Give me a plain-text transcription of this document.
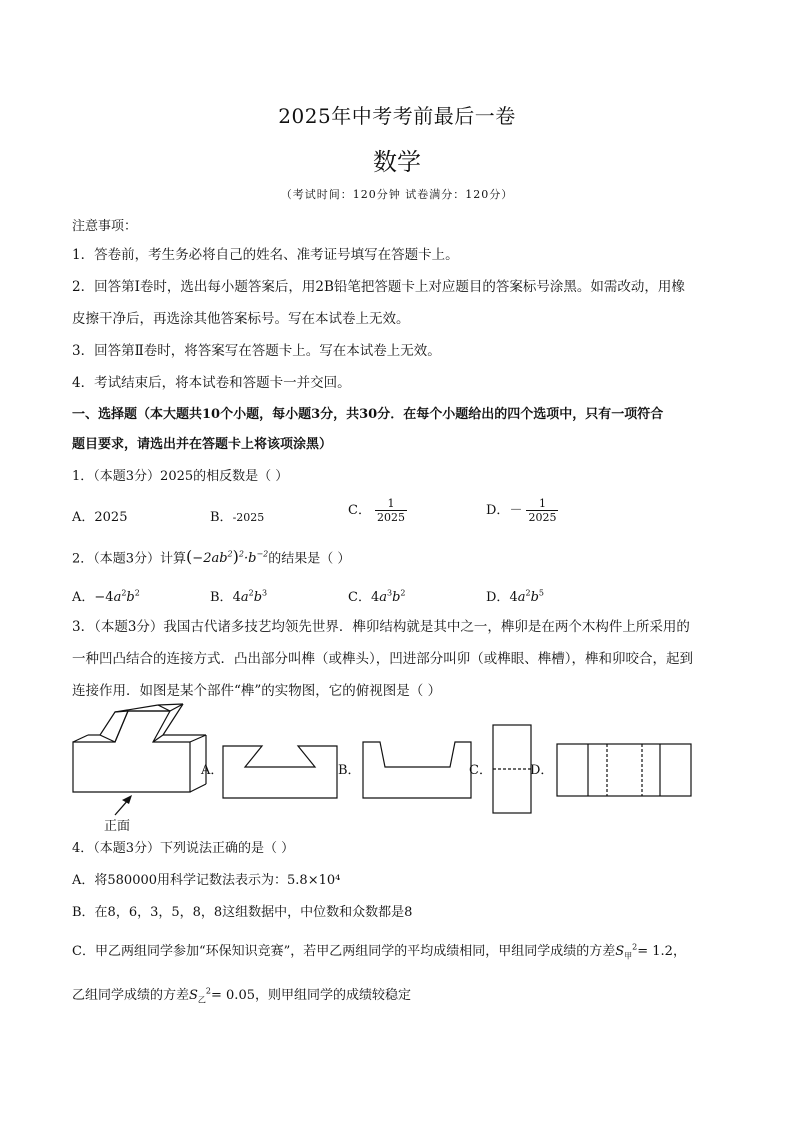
2025年中考考前最后一卷
数学
（考试时间：120分钟 试卷满分：120分）
注意事项：
1．答卷前，考生务必将自己的姓名、准考证号填写在答题卡上。
2．回答第Ⅰ卷时，选出每小题答案后，用2B铅笔把答题卡上对应题目的答案标号涂黑。如需改动，用橡
皮擦干净后，再选涂其他答案标号。写在本试卷上无效。
3．回答第Ⅱ卷时，将答案写在答题卡上。写在本试卷上无效。
4．考试结束后，将本试卷和答题卡一并交回。
一、选择题（本大题共10个小题，每小题3分，共30分．在每个小题给出的四个选项中，只有一项符合
题目要求，请选出并在答题卡上将该项涂黑）
1．（本题3分）2025的相反数是（ ）
A．2025	B．-2025	C． $\frac{1}{2025}$	D．－ $\frac{1}{2025}$
2．（本题3分）计算$(-2ab^2)^2\cdot b^{-2}$的结果是（ ）
A．$-4a^2b^2$	B．$4a^2b^3$	C．$4a^3b^2$	D．$4a^2b^5$
3．（本题3分）我国古代诸多技艺均领先世界．榫卯结构就是其中之一，榫卯是在两个木构件上所采用的
一种凹凸结合的连接方式．凸出部分叫榫（或榫头），凹进部分叫卯（或榫眼、榫槽），榫和卯咬合，起到
连接作用．如图是某个部件“榫”的实物图，它的俯视图是（ ）
正面
A．	B．	C．	D．
4．（本题3分）下列说法正确的是（ ）
A．将580000用科学记数法表示为：5.8×10⁴
B．在8，6，3，5，8，8这组数据中，中位数和众数都是8
C．甲乙两组同学参加“环保知识竞赛”，若甲乙两组同学的平均成绩相同，甲组同学成绩的方差$S_甲^2= 1.2$，
乙组同学成绩的方差$S_乙^2= 0.05$，则甲组同学的成绩较稳定
